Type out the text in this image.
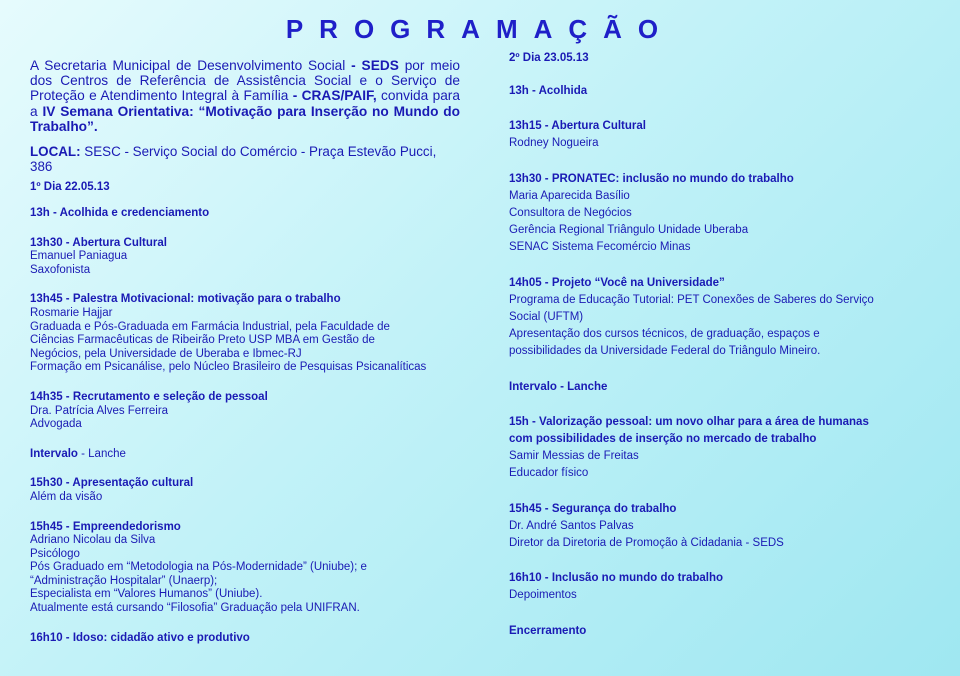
PROGRAMAÇÃO

A Secretaria Municipal de Desenvolvimento Social - SEDS por meio dos Centros de Referência de Assistência Social e o Serviço de Proteção e Atendimento Integral à Família - CRAS/PAIF, convida para a IV Semana Orientativa: “Motivação para Inserção no Mundo do Trabalho”.

LOCAL: SESC - Serviço Social do Comércio - Praça Estevão Pucci, 386

1º Dia 22.05.13
13h - Acolhida e credenciamento
13h30 - Abertura Cultural
Emanuel Paniagua
Saxofonista
13h45 - Palestra Motivacional: motivação para o trabalho
Rosmarie Hajjar
Graduada e Pós-Graduada em Farmácia Industrial, pela Faculdade de
Ciências Farmacêuticas de Ribeirão Preto USP MBA em Gestão de
Negócios, pela Universidade de Uberaba e Ibmec-RJ
Formação em Psicanálise, pelo Núcleo Brasileiro de Pesquisas Psicanalíticas
14h35 - Recrutamento e seleção de pessoal
Dra. Patrícia Alves Ferreira
Advogada
Intervalo - Lanche
15h30 - Apresentação cultural
Além da visão
15h45 - Empreendedorismo
Adriano Nicolau da Silva
Psicólogo
Pós Graduado em “Metodologia na Pós-Modernidade” (Uniube); e
“Administração Hospitalar” (Unaerp);
Especialista em “Valores Humanos” (Uniube).
Atualmente está cursando “Filosofia” Graduação pela UNIFRAN.
16h10 - Idoso: cidadão ativo e produtivo
2º Dia 23.05.13
13h - Acolhida
13h15 - Abertura Cultural
Rodney Nogueira
13h30 - PRONATEC: inclusão no mundo do trabalho
Maria Aparecida Basílio
Consultora de Negócios
Gerência Regional Triângulo Unidade Uberaba
SENAC Sistema Fecomércio Minas
14h05 - Projeto “Você na Universidade”
Programa de Educação Tutorial: PET Conexões de Saberes do Serviço
Social (UFTM)
Apresentação dos cursos técnicos, de graduação, espaços e
possibilidades da Universidade Federal do Triângulo Mineiro.
Intervalo - Lanche
15h - Valorização pessoal: um novo olhar para a área de humanas
com possibilidades de inserção no mercado de trabalho
Samir Messias de Freitas
Educador físico
15h45 - Segurança do trabalho
Dr. André Santos Palvas
Diretor da Diretoria de Promoção à Cidadania - SEDS
16h10 - Inclusão no mundo do trabalho
Depoimentos
Encerramento
